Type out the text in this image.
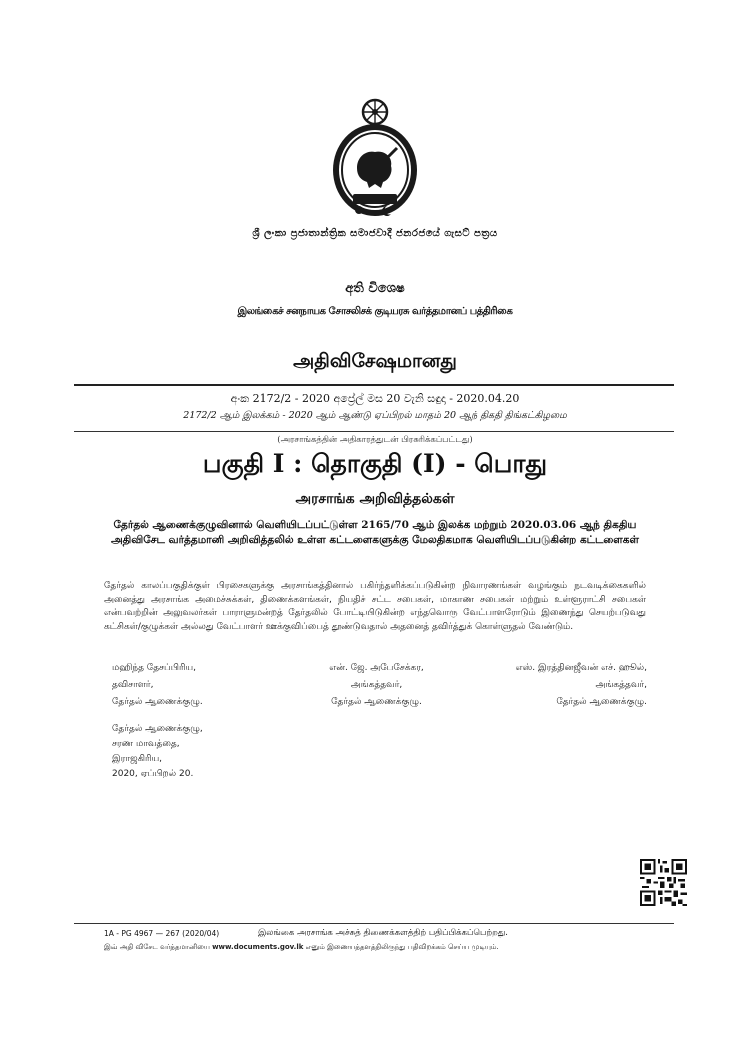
ශ්‍රී ලංකා ප්‍රජාතාන්ත්‍රික සමාජවාදී ජනරජයේ ගැසට් පත්‍රය
අති විශෙෂ
இலங்கைச் சனநாயக சோசலிசக் குடியரசு வர்த்தமானப் பத்திரிகை
அதிவிசேஷமானது
අංක 2172/2 - 2020 අප්‍රේල් මස 20 වැනි සඳුදා - 2020.04.20
2172/2 ஆம் இலக்கம் - 2020 ஆம் ஆண்டு ஏப்பிறல் மாதம் 20 ஆந் திகதி திங்கட்கிழமை
(அரசாங்கத்தின் அதிகாரத்துடன் பிரசுரிக்கப்பட்டது)
பகுதி I : தொகுதி (I) - பொது
அரசாங்க அறிவித்தல்கள்
தேர்தல் ஆணைக்குழுவினால் வெளியிடப்பட்டுள்ள 2165/70 ஆம் இலக்க மற்றும் 2020.03.06 ஆந் திகதிய அதிவிசேட வர்த்தமானி அறிவித்தலில் உள்ள கட்டளைகளுக்கு மேலதிகமாக வெளியிடப்படுகின்ற கட்டளைகள்
தேர்தல் காலப்பகுதிக்குள் பிரசைகளுக்கு அரசாங்கத்தினால் பகிர்ந்தளிக்கப்படுகின்ற நிவாரணங்கள் வழங்கும் நடவடிக்கைகளில் அனைத்து அரசாங்க அமைச்சுக்கள், திணைக்களங்கள், நியதிச் சட்ட சபைகள், மாகாண சபைகள் மற்றும் உள்ளூராட்சி சபைகள் என்பவற்றின் அலுவலர்கள் பாராளுமன்றத் தேர்தலில் போட்டியிடுகின்ற எந்தவொரு வேட்பாளரோடும் இணைந்து செயற்படுவது கட்சிகள்/குழுக்கள் அல்லது வேட்பாளர் ஊக்குவிப்பைத் தூண்டுவதால் அதனைத் தவிர்த்துக் கொள்ளுதல் வேண்டும்.
மஹிந்த தேசப்பிரிய,
தவிசாளர்,
தேர்தல் ஆணைக்குழு.
என். ஜே. அபேசேக்கர,
அங்கத்தவர்,
தேர்தல் ஆணைக்குழு.
எஸ். இரத்தினஜீவன் எச். ஹூல்,
அங்கத்தவர்,
தேர்தல் ஆணைக்குழு.
தேர்தல் ஆணைக்குழு,
சரண மாவத்தை,
இராஜகிரிய,
2020, ஏப்பிறல் 20.
1A - PG 4967 — 267 (2020/04)	இலங்கை அரசாங்க அச்சுத் திணைக்களத்திற் பதிப்பிக்கப்பெற்றது.
இவ் அதி விசேட வர்த்தமானியை www.documents.gov.lk எனும் இணையத்தளத்திலிருந்து பதிவிறக்கம் செய்ய முடியும்.
